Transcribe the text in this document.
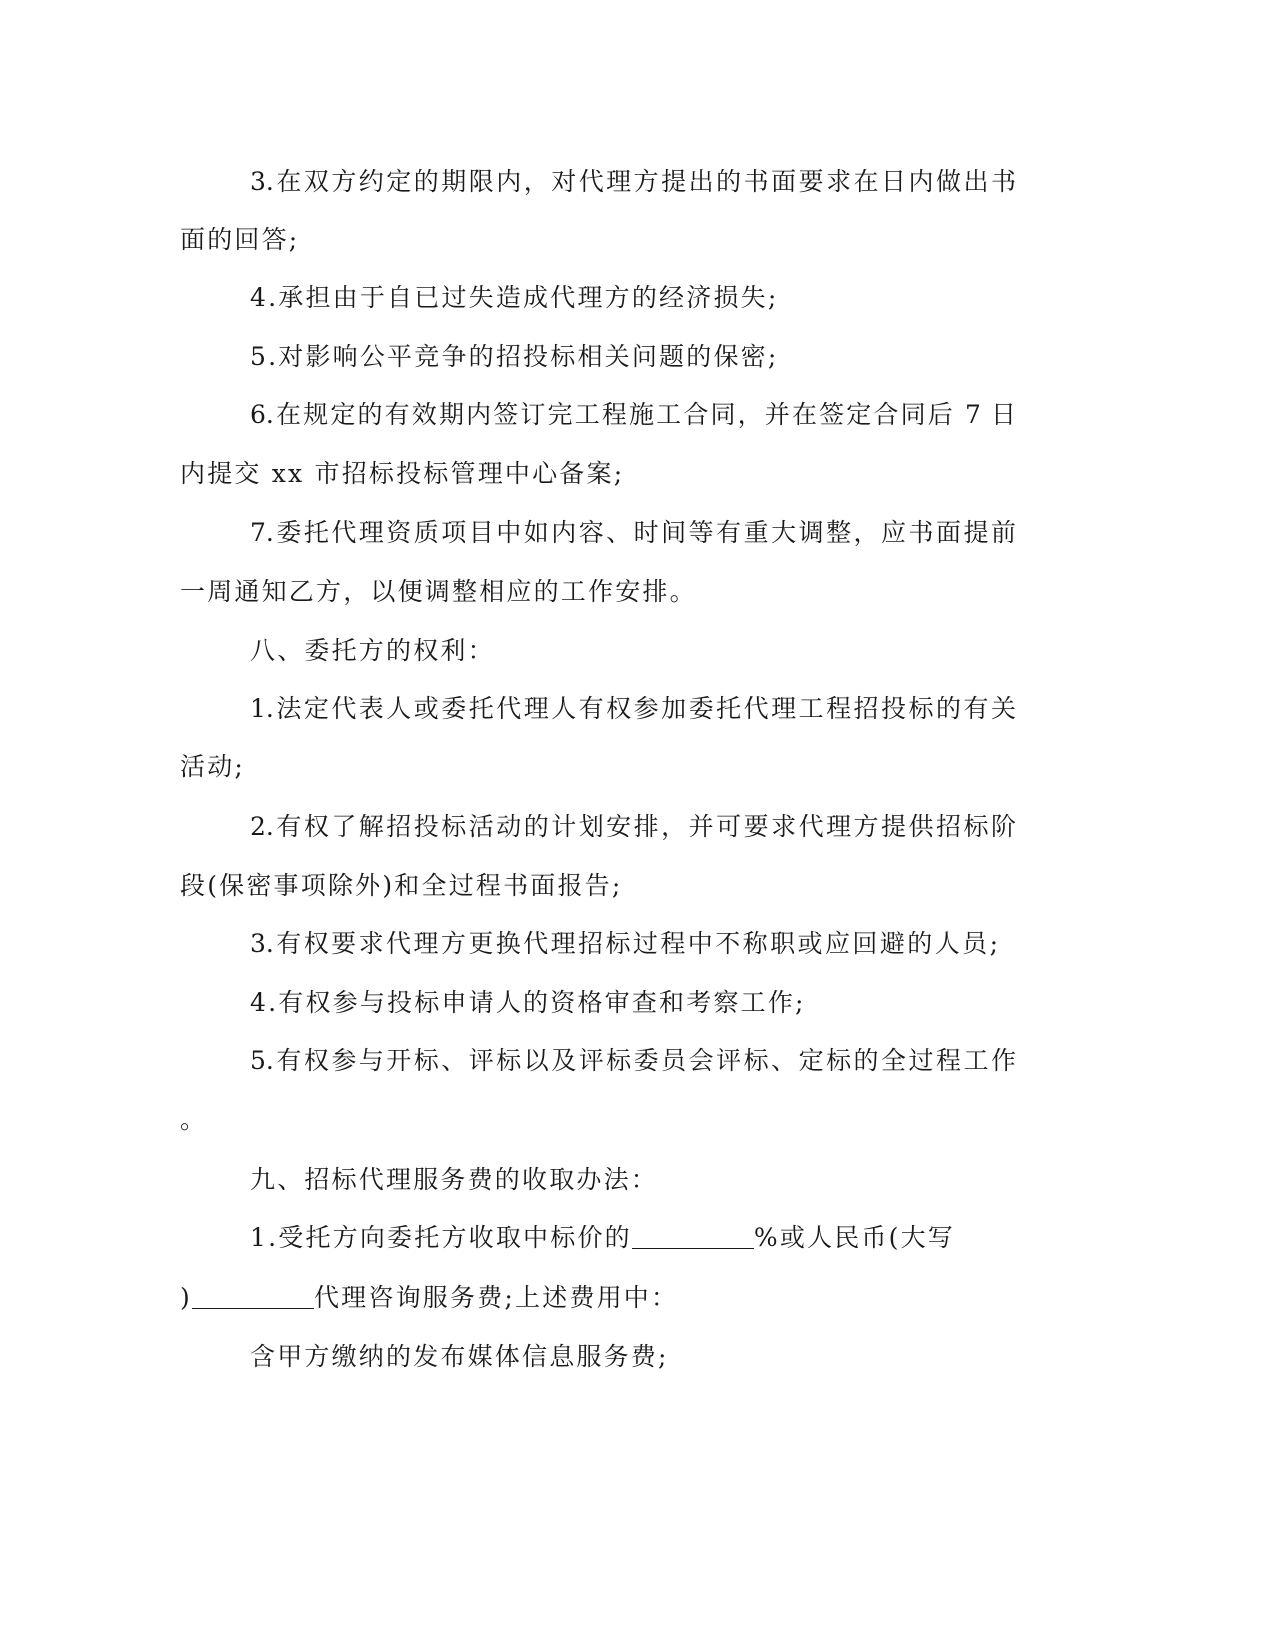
3.在双方约定的期限内，对代理方提出的书面要求在日内做出书
面的回答;
4.承担由于自已过失造成代理方的经济损失;
5.对影响公平竞争的招投标相关问题的保密;
6.在规定的有效期内签订完工程施工合同，并在签定合同后 7 日
内提交 xx 市招标投标管理中心备案;
7.委托代理资质项目中如内容、时间等有重大调整，应书面提前
一周通知乙方，以便调整相应的工作安排。
八、委托方的权利：
1.法定代表人或委托代理人有权参加委托代理工程招投标的有关
活动;
2.有权了解招投标活动的计划安排，并可要求代理方提供招标阶
段(保密事项除外)和全过程书面报告;
3.有权要求代理方更换代理招标过程中不称职或应回避的人员;
4.有权参与投标申请人的资格审查和考察工作;
5.有权参与开标、评标以及评标委员会评标、定标的全过程工作
。
九、招标代理服务费的收取办法：
1.受托方向委托方收取中标价的	%或人民币(大写
)	代理咨询服务费;上述费用中：
含甲方缴纳的发布媒体信息服务费;
